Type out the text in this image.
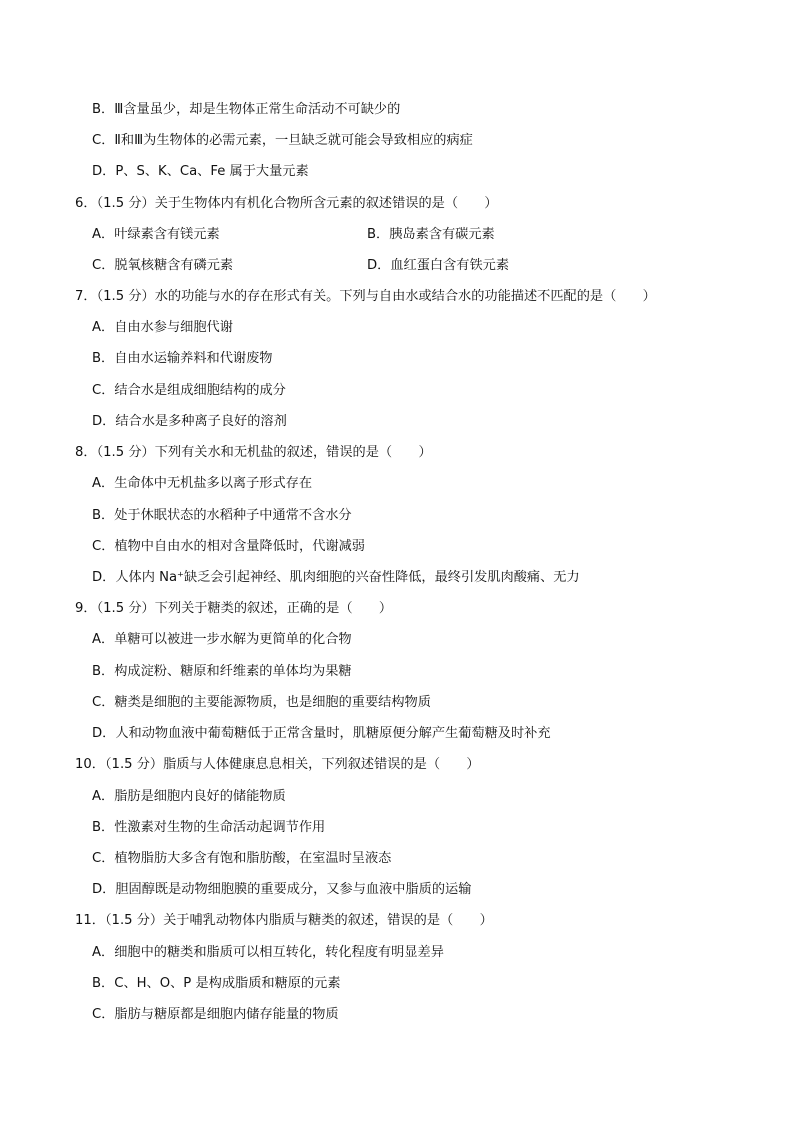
B．Ⅲ含量虽少，却是生物体正常生命活动不可缺少的
C．Ⅱ和Ⅲ为生物体的必需元素，一旦缺乏就可能会导致相应的病症
D．P、S、K、Ca、Fe 属于大量元素
6．（1.5 分）关于生物体内有机化合物所含元素的叙述错误的是（　　）
A．叶绿素含有镁元素	B．胰岛素含有碳元素
C．脱氧核糖含有磷元素	D．血红蛋白含有铁元素
7．（1.5 分）水的功能与水的存在形式有关。下列与自由水或结合水的功能描述不匹配的是（　　）
A．自由水参与细胞代谢
B．自由水运输养料和代谢废物
C．结合水是组成细胞结构的成分
D．结合水是多种离子良好的溶剂
8．（1.5 分）下列有关水和无机盐的叙述，错误的是（　　）
A．生命体中无机盐多以离子形式存在
B．处于休眠状态的水稻种子中通常不含水分
C．植物中自由水的相对含量降低时，代谢减弱
D．人体内 Na⁺缺乏会引起神经、肌肉细胞的兴奋性降低，最终引发肌肉酸痛、无力
9．（1.5 分）下列关于糖类的叙述，正确的是（　　）
A．单糖可以被进一步水解为更简单的化合物
B．构成淀粉、糖原和纤维素的单体均为果糖
C．糖类是细胞的主要能源物质，也是细胞的重要结构物质
D．人和动物血液中葡萄糖低于正常含量时，肌糖原便分解产生葡萄糖及时补充
10．（1.5 分）脂质与人体健康息息相关，下列叙述错误的是（　　）
A．脂肪是细胞内良好的储能物质
B．性激素对生物的生命活动起调节作用
C．植物脂肪大多含有饱和脂肪酸，在室温时呈液态
D．胆固醇既是动物细胞膜的重要成分，又参与血液中脂质的运输
11．（1.5 分）关于哺乳动物体内脂质与糖类的叙述，错误的是（　　）
A．细胞中的糖类和脂质可以相互转化，转化程度有明显差异
B．C、H、O、P 是构成脂质和糖原的元素
C．脂肪与糖原都是细胞内储存能量的物质
